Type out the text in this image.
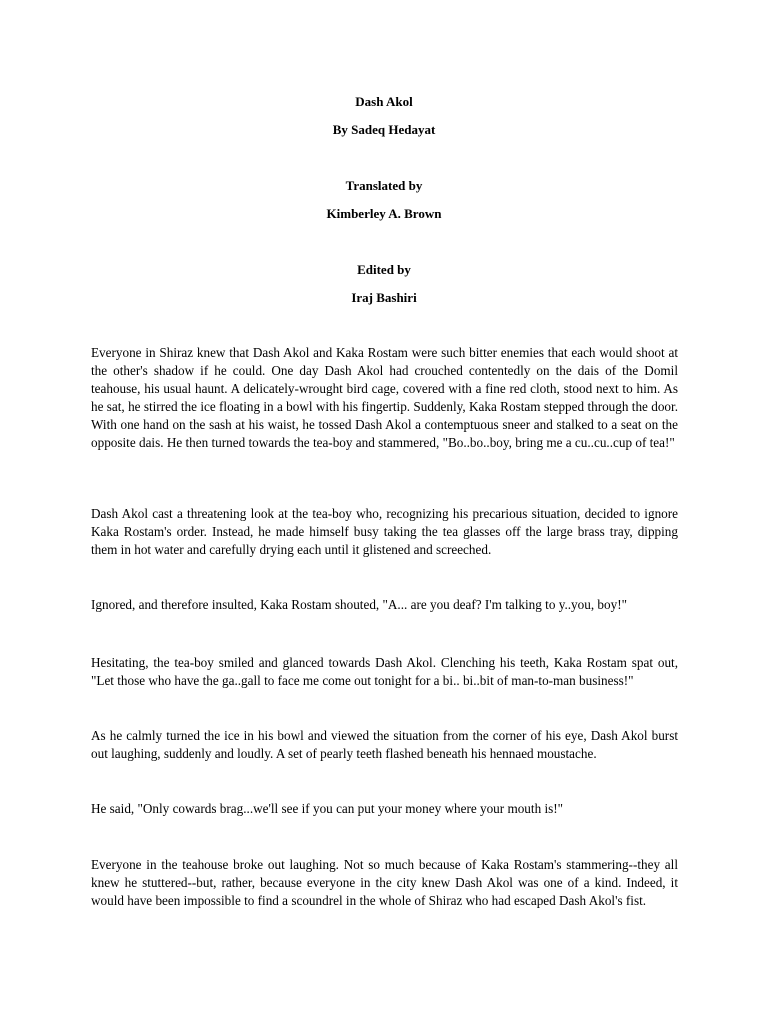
Dash Akol
By Sadeq Hedayat
Translated by
Kimberley A. Brown
Edited by
Iraj Bashiri

Everyone in Shiraz knew that Dash Akol and Kaka Rostam were such bitter enemies that each would shoot at the other's shadow if he could. One day Dash Akol had crouched contentedly on the dais of the Domil teahouse, his usual haunt. A delicately-wrought bird cage, covered with a fine red cloth, stood next to him. As he sat, he stirred the ice floating in a bowl with his fingertip. Suddenly, Kaka Rostam stepped through the door. With one hand on the sash at his waist, he tossed Dash Akol a contemptuous sneer and stalked to a seat on the opposite dais. He then turned towards the tea-boy and stammered, "Bo..bo..boy, bring me a cu..cu..cup of tea!"

Dash Akol cast a threatening look at the tea-boy who, recognizing his precarious situation, decided to ignore Kaka Rostam's order. Instead, he made himself busy taking the tea glasses off the large brass tray, dipping them in hot water and carefully drying each until it glistened and screeched.

Ignored, and therefore insulted, Kaka Rostam shouted, "A... are you deaf? I'm talking to y..you, boy!"

Hesitating, the tea-boy smiled and glanced towards Dash Akol. Clenching his teeth, Kaka Rostam spat out, "Let those who have the ga..gall to face me come out tonight for a bi.. bi..bit of man-to-man business!"

As he calmly turned the ice in his bowl and viewed the situation from the corner of his eye, Dash Akol burst out laughing, suddenly and loudly. A set of pearly teeth flashed beneath his hennaed moustache.

He said, "Only cowards brag...we'll see if you can put your money where your mouth is!"

Everyone in the teahouse broke out laughing. Not so much because of Kaka Rostam's stammering--they all knew he stuttered--but, rather, because everyone in the city knew Dash Akol was one of a kind. Indeed, it would have been impossible to find a scoundrel in the whole of Shiraz who had escaped Dash Akol's fist.
